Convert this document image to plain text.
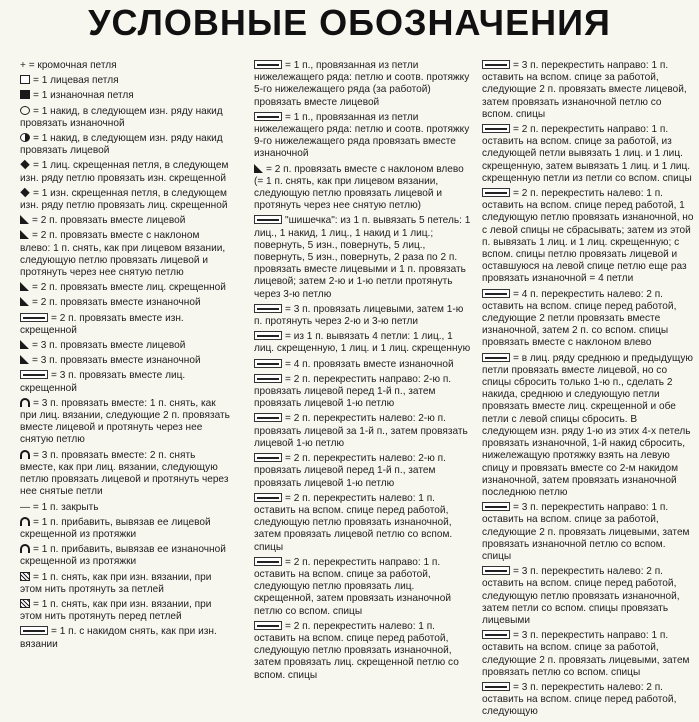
УСЛОВНЫЕ ОБОЗНАЧЕНИЯ
+ = кромочная петля
= 1 лицевая петля
= 1 изнаночная петля
= 1 накид, в следующем изн. ряду накид провязать изнаночной
= 1 накид, в следующем изн. ряду накид провязать лицевой
= 1 лиц. скрещенная петля, в следующем изн. ряду петлю провязать изн. скрещенной
= 1 изн. скрещенная петля, в следующем изн. ряду петлю провязать лиц. скрещенной
= 2 п. провязать вместе лицевой
= 2 п. провязать вместе с наклоном влево: 1 п. снять, как при лицевом вязании, следующую петлю провязать лицевой и протянуть через нее снятую петлю
= 2 п. провязать вместе лиц. скрещенной
= 2 п. провязать вместе изнаночной
= 2 п. провязать вместе изн. скрещенной
= 3 п. провязать вместе лицевой
= 3 п. провязать вместе изнаночной
= 3 п. провязать вместе лиц. скрещенной
= 3 п. провязать вместе: 1 п. снять, как при лиц. вязании, следующие 2 п. провязать вместе лицевой и протянуть через нее снятую петлю
= 3 п. провязать вместе: 2 п. снять вместе, как при лиц. вязании, следующую петлю провязать лицевой и протянуть через нее снятые петли
— = 1 п. закрыть
= 1 п. прибавить, вывязав ее лицевой скрещенной из протяжки
= 1 п. прибавить, вывязав ее изнаночной скрещенной из протяжки
= 1 п. снять, как при изн. вязании, при этом нить протянуть за петлей
= 1 п. снять, как при изн. вязании, при этом нить протянуть перед петлей
= 1 п. с накидом снять, как при изн. вязании
= 1 п., провязанная из петли нижележащего ряда: петлю и соотв. протяжку 5-го нижележащего ряда (за работой) провязать вместе лицевой
= 1 п., провязанная из петли нижележащего ряда: петлю и соотв. протяжку 9-го нижележащего ряда провязать вместе изнаночной
= 2 п. провязать вместе с наклоном влево (= 1 п. снять, как при лицевом вязании, следующую петлю провязать лицевой и протянуть через нее снятую петлю)
"шишечка": из 1 п. вывязать 5 петель: 1 лиц., 1 накид, 1 лиц., 1 накид и 1 лиц.; повернуть, 5 изн., повернуть, 5 лиц., повернуть, 5 изн., повернуть, 2 раза по 2 п. провязать вместе лицевыми и 1 п. провязать лицевой; затем 2-ю и 1-ю петли протянуть через 3-ю петлю
= 3 п. провязать лицевыми, затем 1-ю п. протянуть через 2-ю и 3-ю петли
= из 1 п. вывязать 4 петли: 1 лиц., 1 лиц. скрещенную, 1 лиц. и 1 лиц. скрещенную
= 4 п. провязать вместе изнаночной
= 2 п. перекрестить направо: 2-ю п. провязать лицевой перед 1-й п., затем провязать лицевой 1-ю петлю
= 2 п. перекрестить налево: 2-ю п. провязать лицевой за 1-й п., затем провязать лицевой 1-ю петлю
= 2 п. перекрестить налево: 2-ю п. провязать лицевой перед 1-й п., затем провязать лицевой 1-ю петлю
= 2 п. перекрестить налево: 1 п. оставить на вспом. спице перед работой, следующую петлю провязать изнаночной, затем провязать лицевой петлю со вспом. спицы
= 2 п. перекрестить направо: 1 п. оставить на вспом. спице за работой, следующую петлю провязать лиц. скрещенной, затем провязать изнаночной петлю со вспом. спицы
= 2 п. перекрестить налево: 1 п. оставить на вспом. спице перед работой, следующую петлю провязать изнаночной, затем провязать лиц. скрещенной петлю со вспом. спицы
= 3 п. перекрестить направо: 1 п. оставить на вспом. спице за работой, следующие 2 п. провязать вместе лицевой, затем провязать изнаночной петлю со вспом. спицы
= 2 п. перекрестить направо: 1 п. оставить на вспом. спице за работой, из следующей петли вывязать 1 лиц. и 1 лиц. скрещенную, затем вывязать 1 лиц. и 1 лиц. скрещенную петли из петли со вспом. спицы
= 2 п. перекрестить налево: 1 п. оставить на вспом. спице перед работой, 1 следующую петлю провязать изнаночной, но с левой спицы не сбрасывать; затем из этой п. вывязать 1 лиц. и 1 лиц. скрещенную; с вспом. спицы петлю провязать лицевой и оставшуюся на левой спице петлю еще раз провязать изнаночной = 4 петли
= 4 п. перекрестить налево: 2 п. оставить на вспом. спице перед работой, следующие 2 петли провязать вместе изнаночной, затем 2 п. со вспом. спицы провязать вместе с наклоном влево
= в лиц. ряду среднюю и предыдущую петли провязать вместе лицевой, но со спицы сбросить только 1-ю п., сделать 2 накида, среднюю и следующую петли провязать вместе лиц. скрещенной и обе петли с левой спицы сбросить. В следующем изн. ряду 1-ю из этих 4-х петель провязать изнаночной, 1-й накид сбросить, нижележащую протяжку взять на левую спицу и провязать вместе со 2-м накидом изнаночной, затем провязать изнаночной последнюю петлю
= 3 п. перекрестить направо: 1 п. оставить на вспом. спице за работой, следующие 2 п. провязать лицевыми, затем провязать изнаночной петлю со вспом. спицы
= 3 п. перекрестить налево: 2 п. оставить на вспом. спице перед работой, следующую петлю провязать изнаночной, затем петли со вспом. спицы провязать лицевыми
= 3 п. перекрестить направо: 1 п. оставить на вспом. спице за работой, следующие 2 п. провязать лицевыми, затем провязать петлю со вспом. спицы
= 3 п. перекрестить налево: 2 п. оставить на вспом. спице перед работой, следующую
